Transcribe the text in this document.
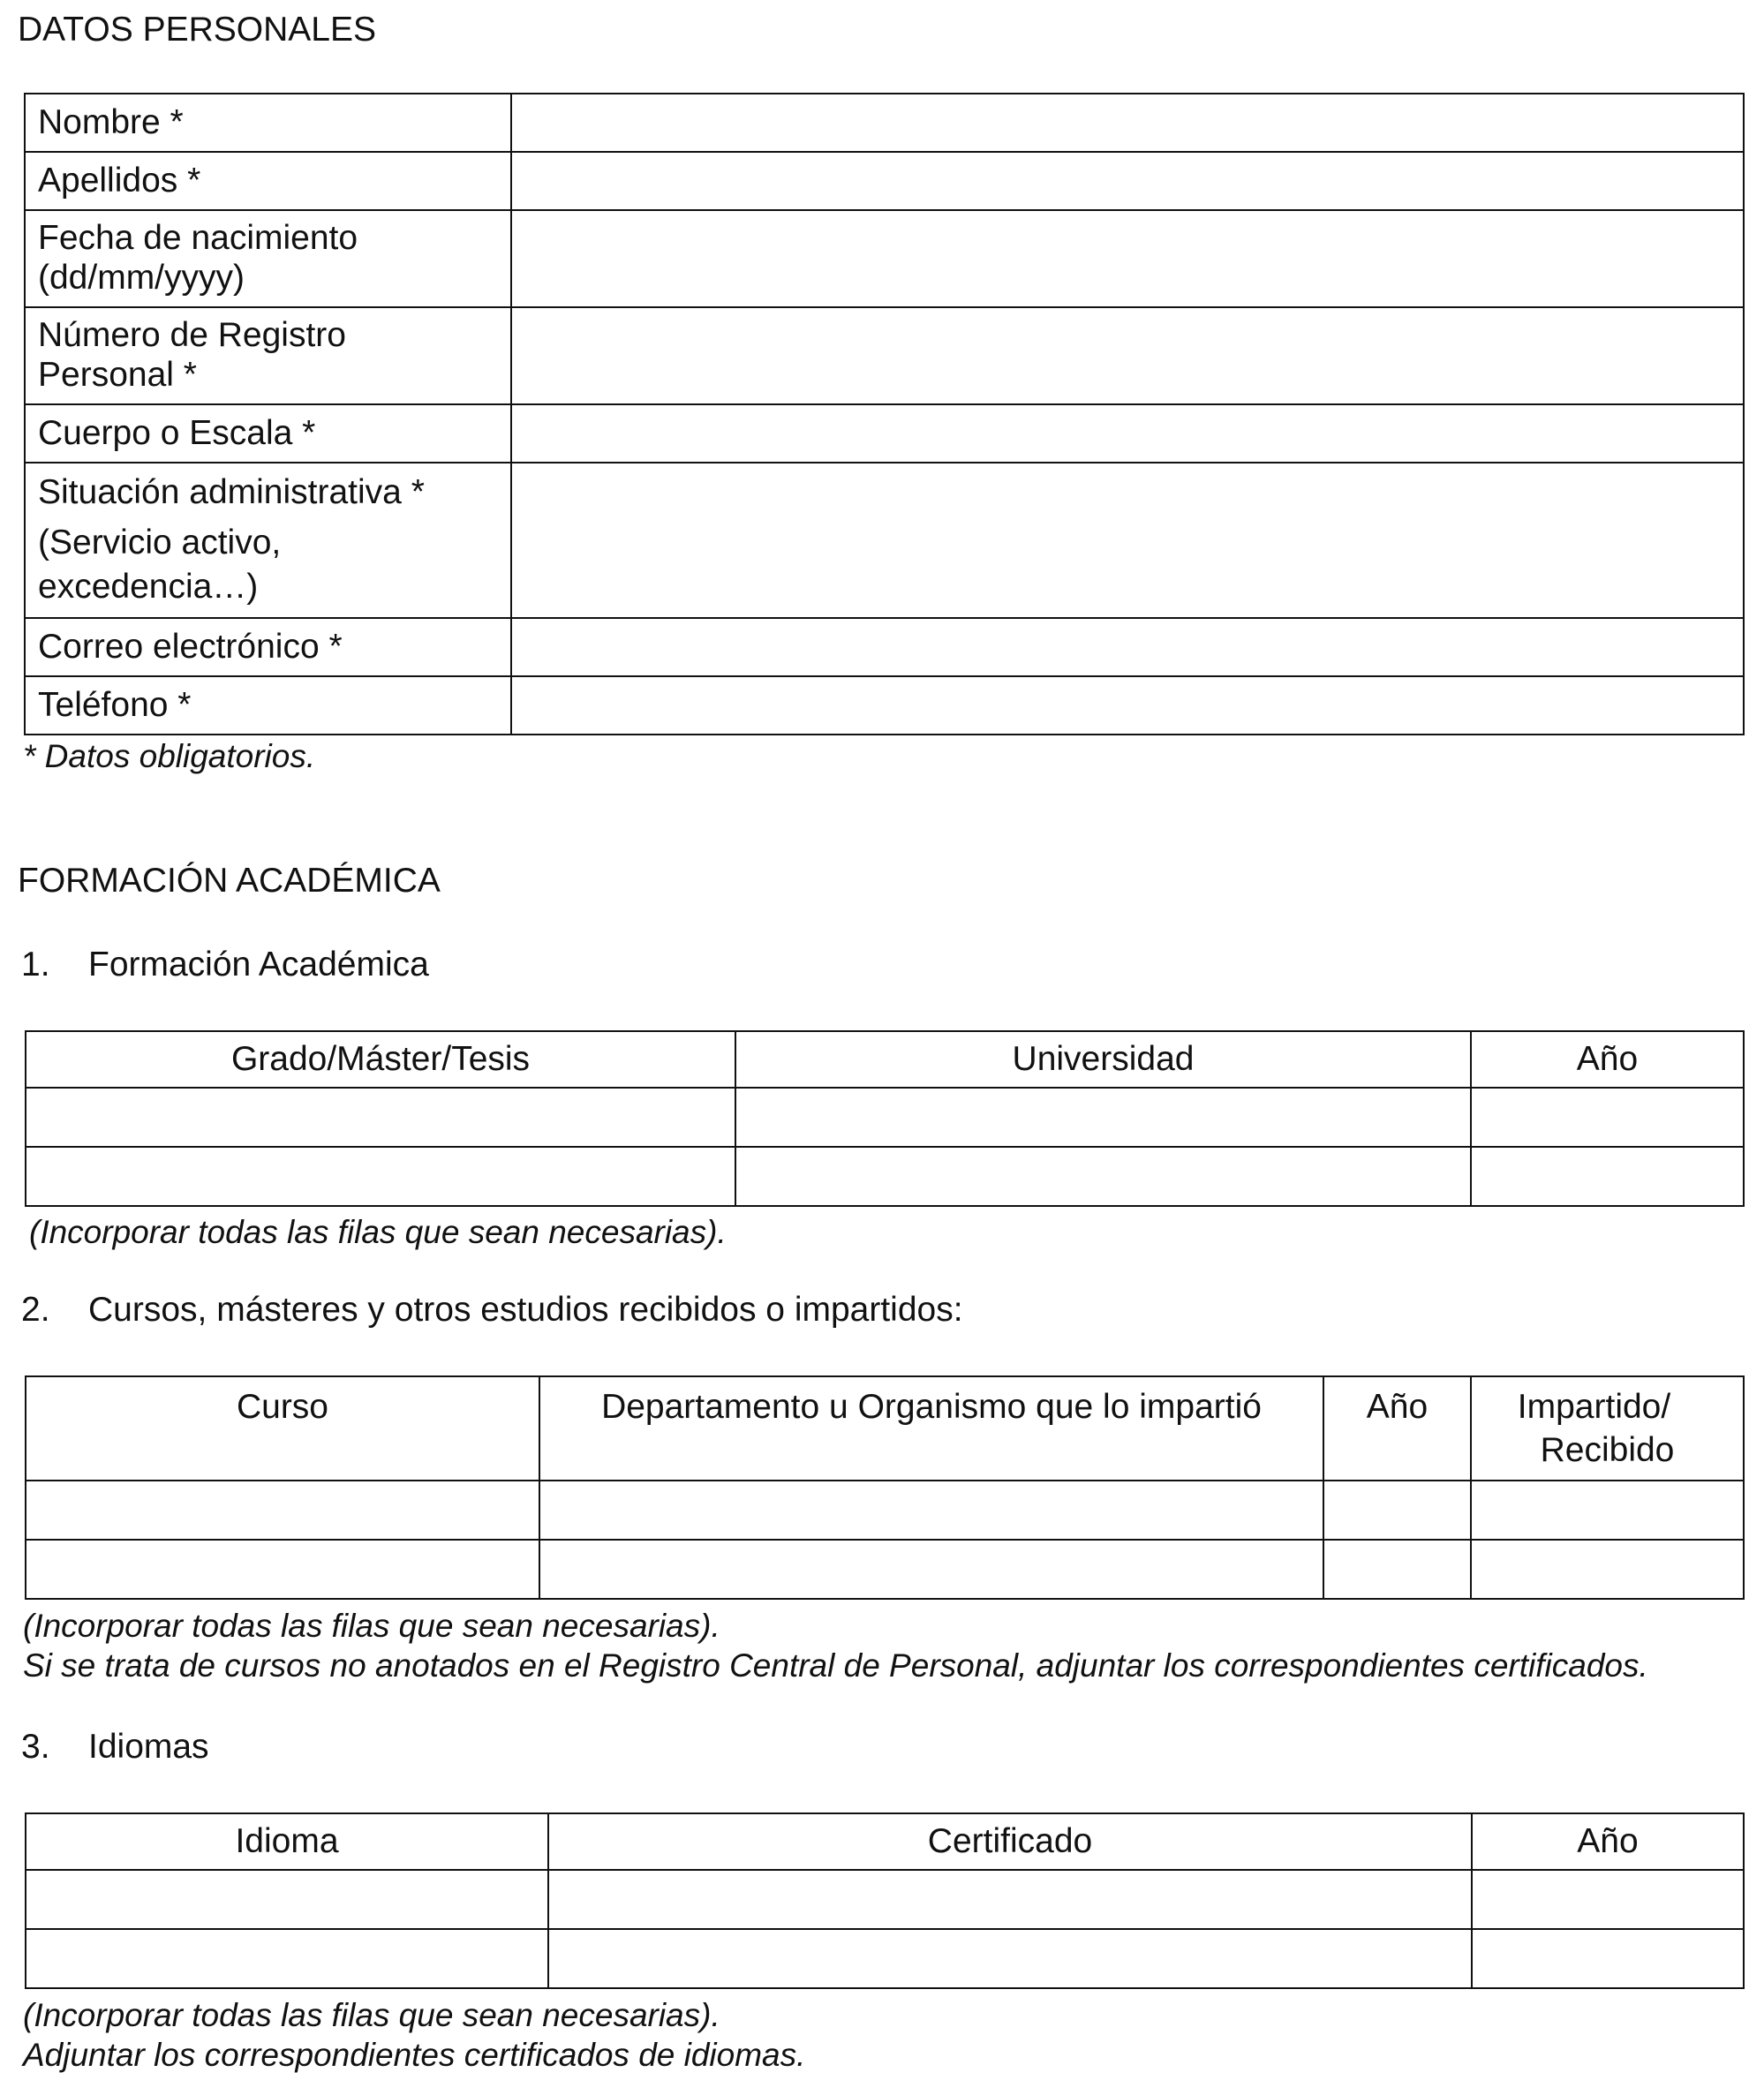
DATOS PERSONALES
Nombre *	
Apellidos *	

Fecha de nacimiento
(dd/mm/yyyy)	

Número de Registro
Personal *	

Cuerpo o Escala *	

Situación administrativa *
(Servicio activo,
excedencia…)	

Correo electrónico *	
Teléfono *	
* Datos obligatorios.
FORMACIÓN ACADÉMICA
1. Formación Académica
Grado/Máster/Tesis	Universidad	Año

(Incorporar todas las filas que sean necesarias).
2. Cursos, másteres y otros estudios recibidos o impartidos:
Curso	Departamento u Organismo que lo impartió	Año	Impartido/
Recibido

(Incorporar todas las filas que sean necesarias).
Si se trata de cursos no anotados en el Registro Central de Personal, adjuntar los correspondientes certificados.
3. Idiomas
Idioma	Certificado	Año

(Incorporar todas las filas que sean necesarias).
Adjuntar los correspondientes certificados de idiomas.
